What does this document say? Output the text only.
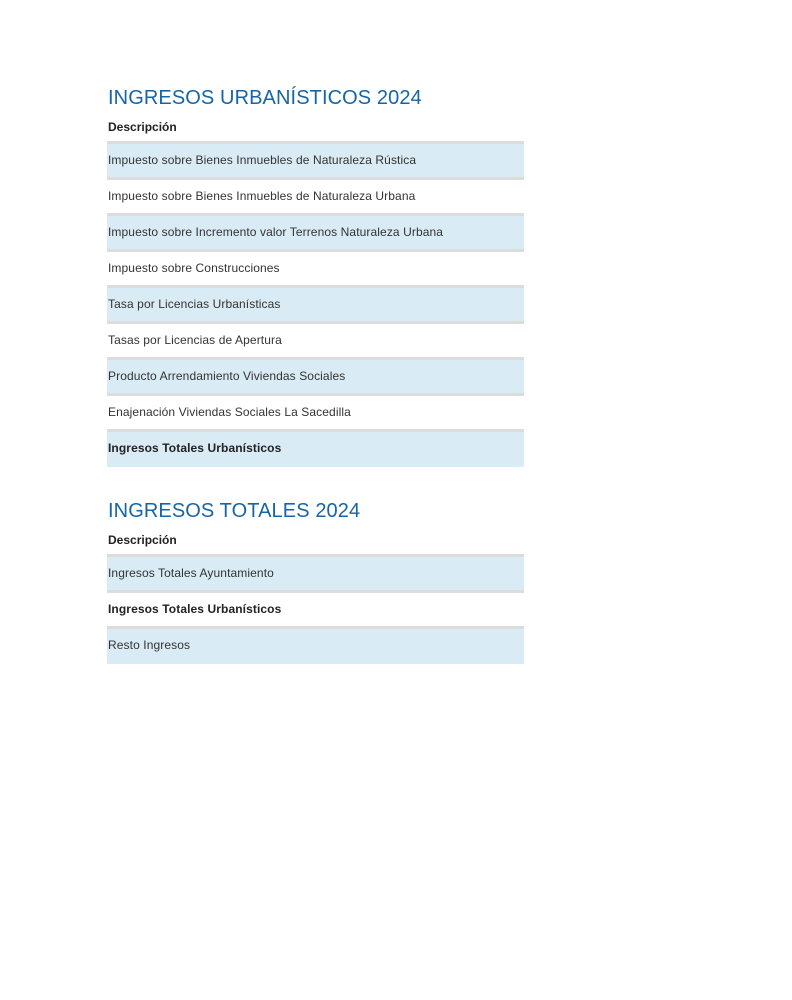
INGRESOS URBANÍSTICOS 2024
Descripción
Impuesto sobre Bienes Inmuebles de Naturaleza Rústica
Impuesto sobre Bienes Inmuebles de Naturaleza Urbana
Impuesto sobre Incremento valor Terrenos Naturaleza Urbana
Impuesto sobre Construcciones
Tasa por Licencias Urbanísticas
Tasas por Licencias de Apertura
Producto Arrendamiento Viviendas Sociales
Enajenación Viviendas Sociales La Sacedilla
Ingresos Totales Urbanísticos
INGRESOS TOTALES 2024
Descripción
Ingresos Totales Ayuntamiento
Ingresos Totales Urbanísticos
Resto Ingresos
